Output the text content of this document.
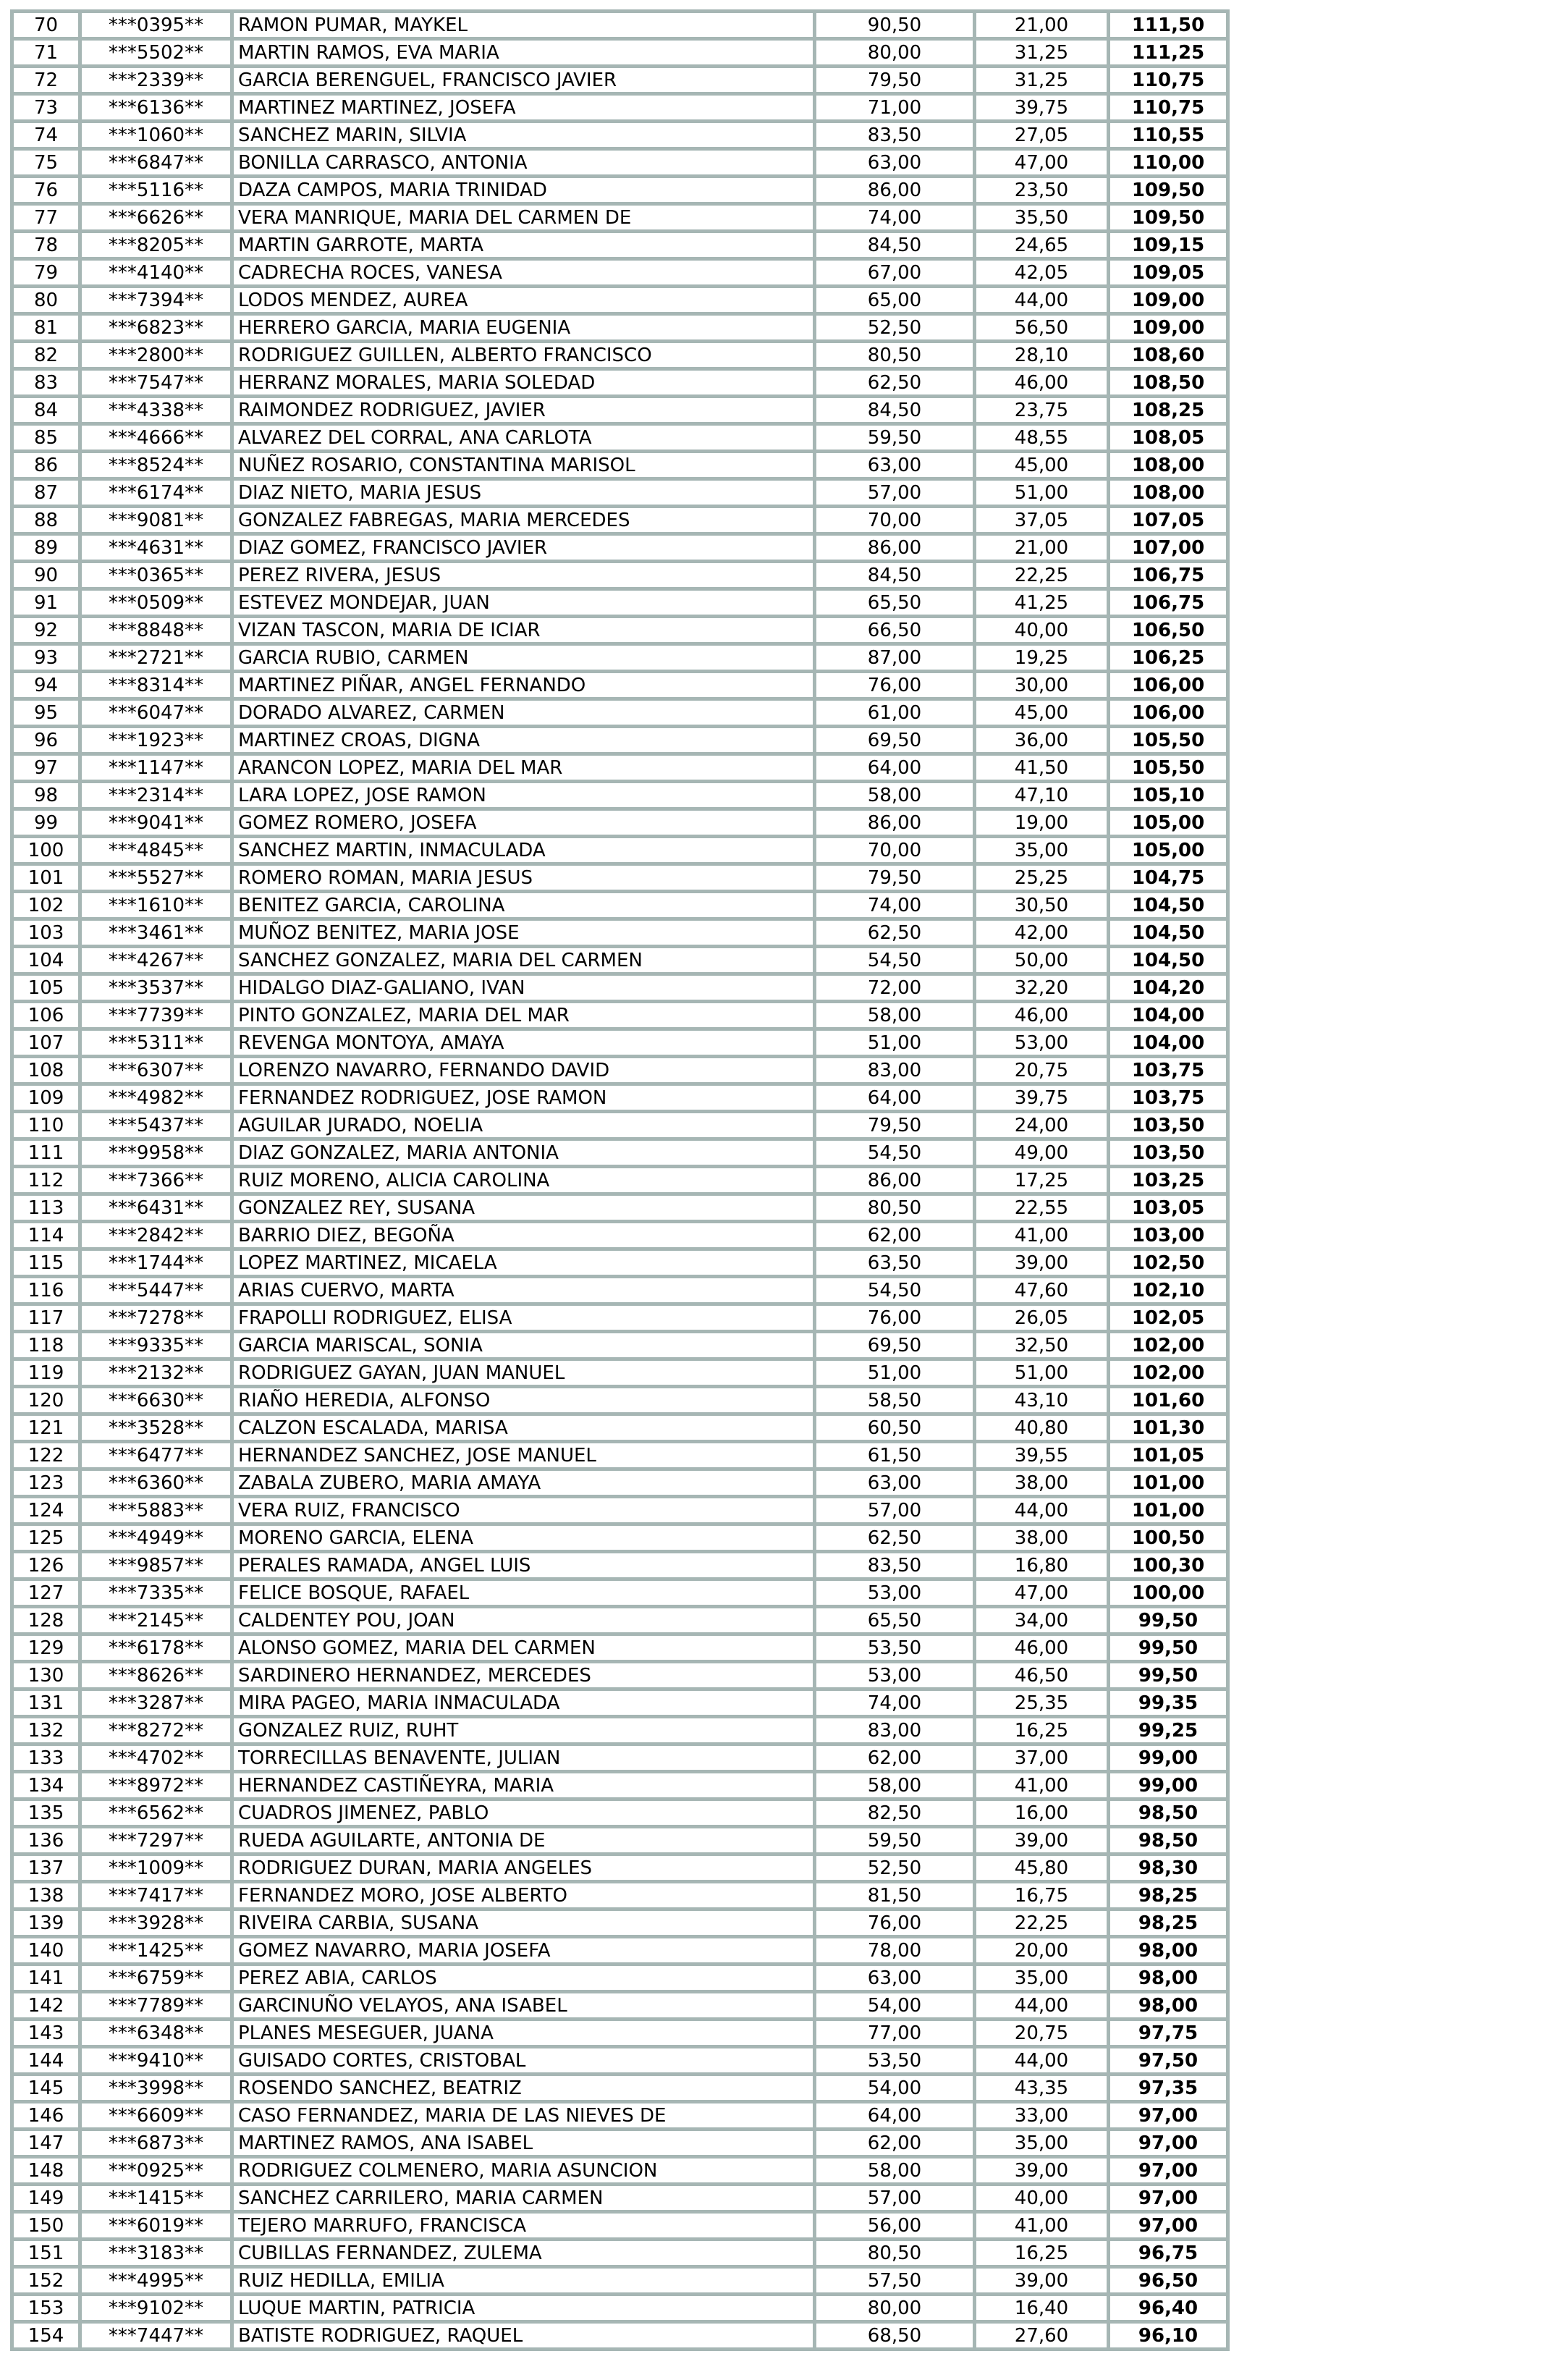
70	***0395**	RAMON PUMAR, MAYKEL	90,50	21,00	111,50
71	***5502**	MARTIN RAMOS, EVA MARIA	80,00	31,25	111,25
72	***2339**	GARCIA BERENGUEL, FRANCISCO JAVIER	79,50	31,25	110,75
73	***6136**	MARTINEZ MARTINEZ, JOSEFA	71,00	39,75	110,75
74	***1060**	SANCHEZ MARIN, SILVIA	83,50	27,05	110,55
75	***6847**	BONILLA CARRASCO, ANTONIA	63,00	47,00	110,00
76	***5116**	DAZA CAMPOS, MARIA TRINIDAD	86,00	23,50	109,50
77	***6626**	VERA MANRIQUE, MARIA DEL CARMEN DE	74,00	35,50	109,50
78	***8205**	MARTIN GARROTE, MARTA	84,50	24,65	109,15
79	***4140**	CADRECHA ROCES, VANESA	67,00	42,05	109,05
80	***7394**	LODOS MENDEZ, AUREA	65,00	44,00	109,00
81	***6823**	HERRERO GARCIA, MARIA EUGENIA	52,50	56,50	109,00
82	***2800**	RODRIGUEZ GUILLEN, ALBERTO FRANCISCO	80,50	28,10	108,60
83	***7547**	HERRANZ MORALES, MARIA SOLEDAD	62,50	46,00	108,50
84	***4338**	RAIMONDEZ RODRIGUEZ, JAVIER	84,50	23,75	108,25
85	***4666**	ALVAREZ DEL CORRAL, ANA CARLOTA	59,50	48,55	108,05
86	***8524**	NUÑEZ ROSARIO, CONSTANTINA MARISOL	63,00	45,00	108,00
87	***6174**	DIAZ NIETO, MARIA JESUS	57,00	51,00	108,00
88	***9081**	GONZALEZ FABREGAS, MARIA MERCEDES	70,00	37,05	107,05
89	***4631**	DIAZ GOMEZ, FRANCISCO JAVIER	86,00	21,00	107,00
90	***0365**	PEREZ RIVERA, JESUS	84,50	22,25	106,75
91	***0509**	ESTEVEZ MONDEJAR, JUAN	65,50	41,25	106,75
92	***8848**	VIZAN TASCON, MARIA DE ICIAR	66,50	40,00	106,50
93	***2721**	GARCIA RUBIO, CARMEN	87,00	19,25	106,25
94	***8314**	MARTINEZ PIÑAR, ANGEL FERNANDO	76,00	30,00	106,00
95	***6047**	DORADO ALVAREZ, CARMEN	61,00	45,00	106,00
96	***1923**	MARTINEZ CROAS, DIGNA	69,50	36,00	105,50
97	***1147**	ARANCON LOPEZ, MARIA DEL MAR	64,00	41,50	105,50
98	***2314**	LARA LOPEZ, JOSE RAMON	58,00	47,10	105,10
99	***9041**	GOMEZ ROMERO, JOSEFA	86,00	19,00	105,00
100	***4845**	SANCHEZ MARTIN, INMACULADA	70,00	35,00	105,00
101	***5527**	ROMERO ROMAN, MARIA JESUS	79,50	25,25	104,75
102	***1610**	BENITEZ GARCIA, CAROLINA	74,00	30,50	104,50
103	***3461**	MUÑOZ BENITEZ, MARIA JOSE	62,50	42,00	104,50
104	***4267**	SANCHEZ GONZALEZ, MARIA DEL CARMEN	54,50	50,00	104,50
105	***3537**	HIDALGO DIAZ-GALIANO, IVAN	72,00	32,20	104,20
106	***7739**	PINTO GONZALEZ, MARIA DEL MAR	58,00	46,00	104,00
107	***5311**	REVENGA MONTOYA, AMAYA	51,00	53,00	104,00
108	***6307**	LORENZO NAVARRO, FERNANDO DAVID	83,00	20,75	103,75
109	***4982**	FERNANDEZ RODRIGUEZ, JOSE RAMON	64,00	39,75	103,75
110	***5437**	AGUILAR JURADO, NOELIA	79,50	24,00	103,50
111	***9958**	DIAZ GONZALEZ, MARIA ANTONIA	54,50	49,00	103,50
112	***7366**	RUIZ MORENO, ALICIA CAROLINA	86,00	17,25	103,25
113	***6431**	GONZALEZ REY, SUSANA	80,50	22,55	103,05
114	***2842**	BARRIO DIEZ, BEGOÑA	62,00	41,00	103,00
115	***1744**	LOPEZ MARTINEZ, MICAELA	63,50	39,00	102,50
116	***5447**	ARIAS CUERVO, MARTA	54,50	47,60	102,10
117	***7278**	FRAPOLLI RODRIGUEZ, ELISA	76,00	26,05	102,05
118	***9335**	GARCIA MARISCAL, SONIA	69,50	32,50	102,00
119	***2132**	RODRIGUEZ GAYAN, JUAN MANUEL	51,00	51,00	102,00
120	***6630**	RIAÑO HEREDIA, ALFONSO	58,50	43,10	101,60
121	***3528**	CALZON ESCALADA, MARISA	60,50	40,80	101,30
122	***6477**	HERNANDEZ SANCHEZ, JOSE MANUEL	61,50	39,55	101,05
123	***6360**	ZABALA ZUBERO, MARIA AMAYA	63,00	38,00	101,00
124	***5883**	VERA RUIZ, FRANCISCO	57,00	44,00	101,00
125	***4949**	MORENO GARCIA, ELENA	62,50	38,00	100,50
126	***9857**	PERALES RAMADA, ANGEL LUIS	83,50	16,80	100,30
127	***7335**	FELICE BOSQUE, RAFAEL	53,00	47,00	100,00
128	***2145**	CALDENTEY POU, JOAN	65,50	34,00	99,50
129	***6178**	ALONSO GOMEZ, MARIA DEL CARMEN	53,50	46,00	99,50
130	***8626**	SARDINERO HERNANDEZ, MERCEDES	53,00	46,50	99,50
131	***3287**	MIRA PAGEO, MARIA INMACULADA	74,00	25,35	99,35
132	***8272**	GONZALEZ RUIZ, RUHT	83,00	16,25	99,25
133	***4702**	TORRECILLAS BENAVENTE, JULIAN	62,00	37,00	99,00
134	***8972**	HERNANDEZ CASTIÑEYRA, MARIA	58,00	41,00	99,00
135	***6562**	CUADROS JIMENEZ, PABLO	82,50	16,00	98,50
136	***7297**	RUEDA AGUILARTE, ANTONIA DE	59,50	39,00	98,50
137	***1009**	RODRIGUEZ DURAN, MARIA ANGELES	52,50	45,80	98,30
138	***7417**	FERNANDEZ MORO, JOSE ALBERTO	81,50	16,75	98,25
139	***3928**	RIVEIRA CARBIA, SUSANA	76,00	22,25	98,25
140	***1425**	GOMEZ NAVARRO, MARIA JOSEFA	78,00	20,00	98,00
141	***6759**	PEREZ ABIA, CARLOS	63,00	35,00	98,00
142	***7789**	GARCINUÑO VELAYOS, ANA ISABEL	54,00	44,00	98,00
143	***6348**	PLANES MESEGUER, JUANA	77,00	20,75	97,75
144	***9410**	GUISADO CORTES, CRISTOBAL	53,50	44,00	97,50
145	***3998**	ROSENDO SANCHEZ, BEATRIZ	54,00	43,35	97,35
146	***6609**	CASO FERNANDEZ, MARIA DE LAS NIEVES DE	64,00	33,00	97,00
147	***6873**	MARTINEZ RAMOS, ANA ISABEL	62,00	35,00	97,00
148	***0925**	RODRIGUEZ COLMENERO, MARIA ASUNCION	58,00	39,00	97,00
149	***1415**	SANCHEZ CARRILERO, MARIA CARMEN	57,00	40,00	97,00
150	***6019**	TEJERO MARRUFO, FRANCISCA	56,00	41,00	97,00
151	***3183**	CUBILLAS FERNANDEZ, ZULEMA	80,50	16,25	96,75
152	***4995**	RUIZ HEDILLA, EMILIA	57,50	39,00	96,50
153	***9102**	LUQUE MARTIN, PATRICIA	80,00	16,40	96,40
154	***7447**	BATISTE RODRIGUEZ, RAQUEL	68,50	27,60	96,10
